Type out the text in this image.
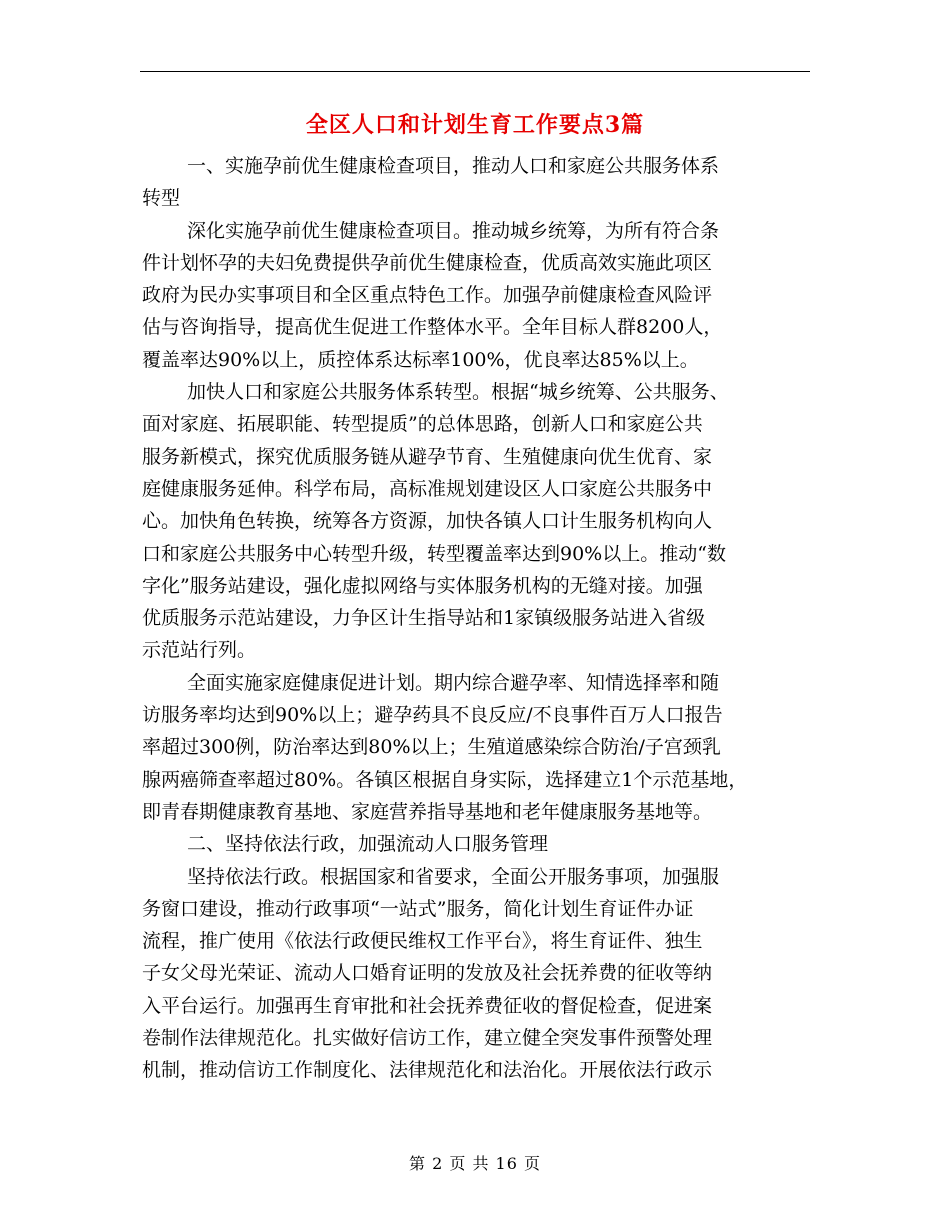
全区人口和计划生育工作要点3篇
一、实施孕前优生健康检查项目，推动人口和家庭公共服务体系
转型
深化实施孕前优生健康检查项目。推动城乡统筹，为所有符合条
件计划怀孕的夫妇免费提供孕前优生健康检查，优质高效实施此项区
政府为民办实事项目和全区重点特色工作。加强孕前健康检查风险评
估与咨询指导，提高优生促进工作整体水平。全年目标人群8200人，
覆盖率达90%以上，质控体系达标率100%，优良率达85%以上。
加快人口和家庭公共服务体系转型。根据“城乡统筹、公共服务、
面对家庭、拓展职能、转型提质”的总体思路，创新人口和家庭公共
服务新模式，探究优质服务链从避孕节育、生殖健康向优生优育、家
庭健康服务延伸。科学布局，高标准规划建设区人口家庭公共服务中
心。加快角色转换，统筹各方资源，加快各镇人口计生服务机构向人
口和家庭公共服务中心转型升级，转型覆盖率达到90%以上。推动“数
字化”服务站建设，强化虚拟网络与实体服务机构的无缝对接。加强
优质服务示范站建设，力争区计生指导站和1家镇级服务站进入省级
示范站行列。
全面实施家庭健康促进计划。期内综合避孕率、知情选择率和随
访服务率均达到90%以上；避孕药具不良反应/不良事件百万人口报告
率超过300例，防治率达到80%以上；生殖道感染综合防治/子宫颈乳
腺两癌筛查率超过80%。各镇区根据自身实际，选择建立1个示范基地，
即青春期健康教育基地、家庭营养指导基地和老年健康服务基地等。
二、坚持依法行政，加强流动人口服务管理
坚持依法行政。根据国家和省要求，全面公开服务事项，加强服
务窗口建设，推动行政事项“一站式”服务，简化计划生育证件办证
流程，推广使用《依法行政便民维权工作平台》，将生育证件、独生
子女父母光荣证、流动人口婚育证明的发放及社会抚养费的征收等纳
入平台运行。加强再生育审批和社会抚养费征收的督促检查，促进案
卷制作法律规范化。扎实做好信访工作，建立健全突发事件预警处理
机制，推动信访工作制度化、法律规范化和法治化。开展依法行政示
第 2 页 共 16 页
